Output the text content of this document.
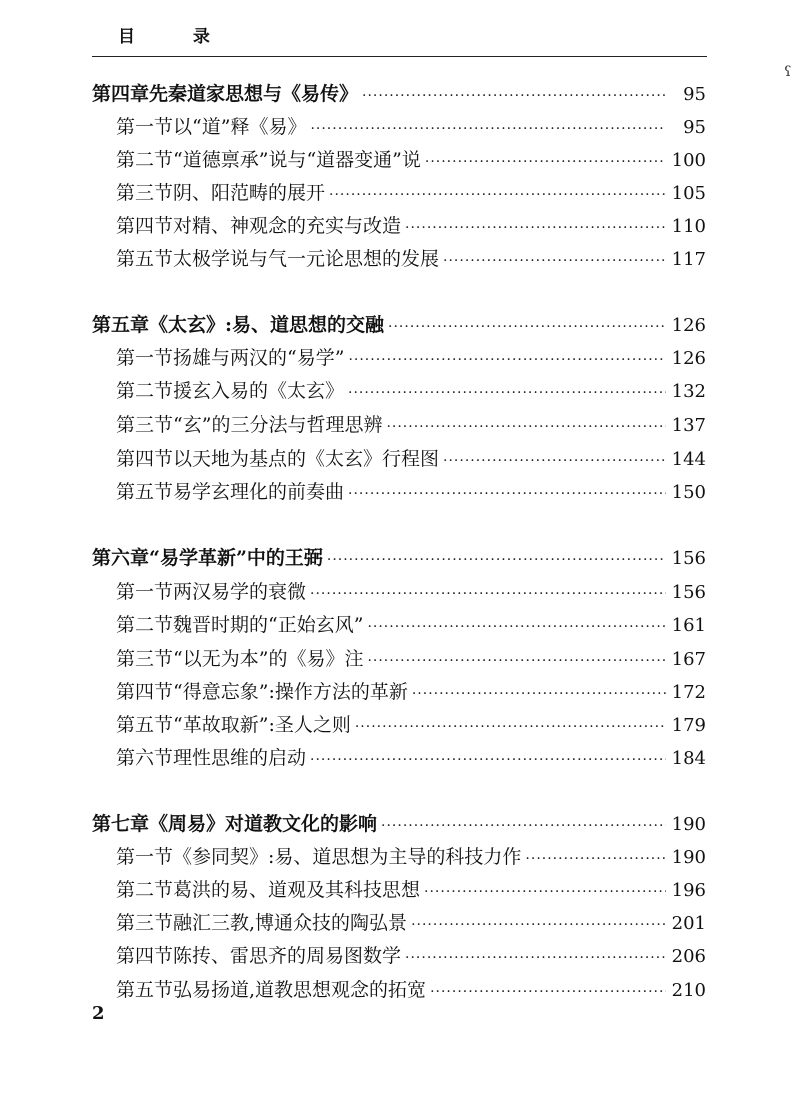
目 录
第四章 先秦道家思想与《易传》 ·····	95
第一节 以“道”释《易》 ·····	95
第二节 “道德禀承”说与“道器变通”说 ·····	100
第三节 阴、阳范畴的展开 ·····	105
第四节 对精、神观念的充实与改造 ·····	110
第五节 太极学说与气一元论思想的发展 ·····	117
第五章 《太玄》:易、道思想的交融 ·····	126
第一节 扬雄与两汉的“易学” ·····	126
第二节 援玄入易的《太玄》 ·····	132
第三节 “玄”的三分法与哲理思辨 ·····	137
第四节 以天地为基点的《太玄》行程图 ·····	144
第五节 易学玄理化的前奏曲 ·····	150
第六章 “易学革新”中的王弼 ·····	156
第一节 两汉易学的衰微 ·····	156
第二节 魏晋时期的“正始玄风” ·····	161
第三节 “以无为本”的《易》注 ·····	167
第四节 “得意忘象”:操作方法的革新 ·····	172
第五节 “革故取新”:圣人之则 ·····	179
第六节 理性思维的启动 ·····	184
第七章 《周易》对道教文化的影响 ·····	190
第一节 《参同契》:易、道思想为主导的科技力作 ·····	190
第二节 葛洪的易、道观及其科技思想 ·····	196
第三节 融汇三教,博通众技的陶弘景 ·····	201
第四节 陈抟、雷思齐的周易图数学 ·····	206
第五节 弘易扬道,道教思想观念的拓宽 ·····	210
2
ʕ
